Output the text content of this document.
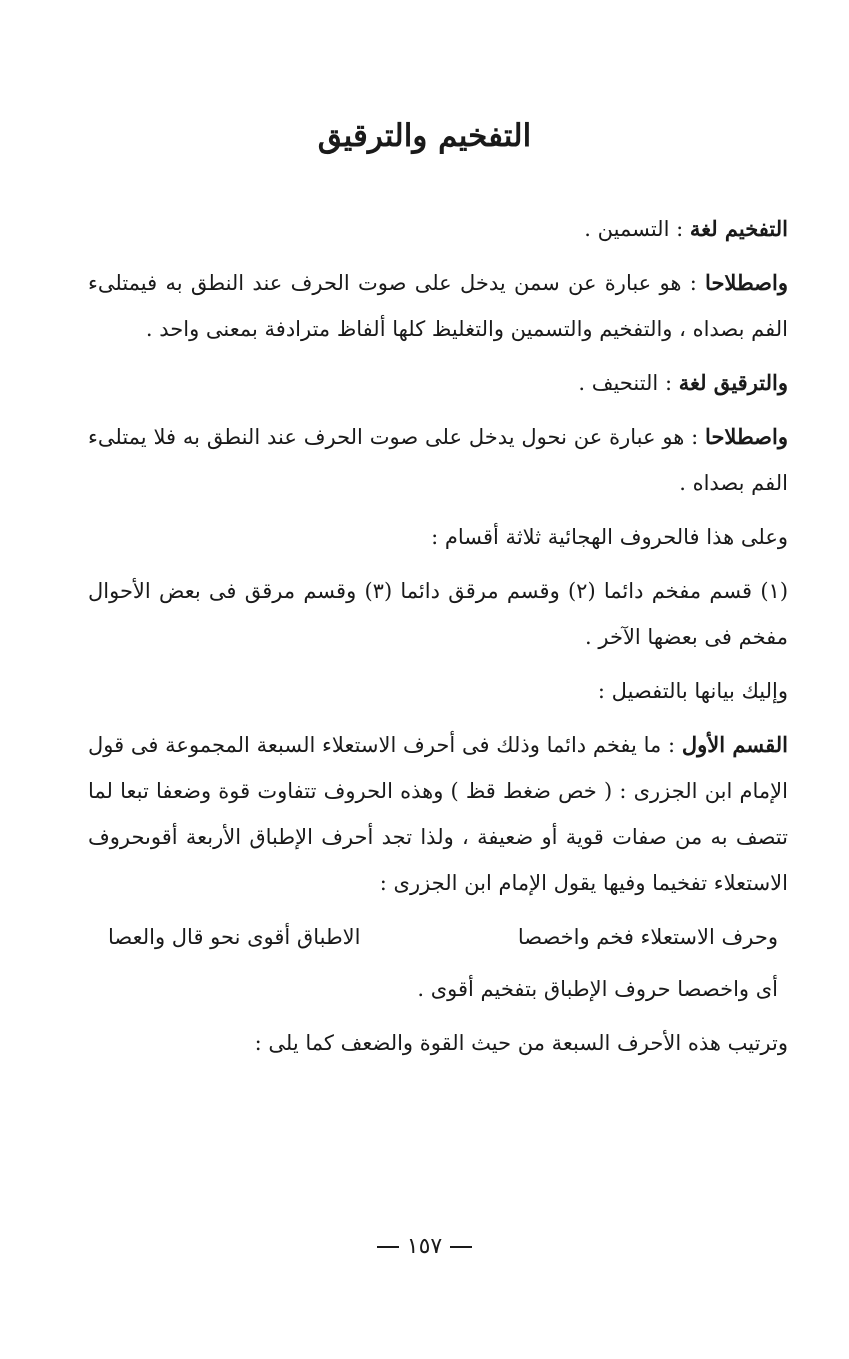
التفخيم والترقيق

التفخيم لغة : التسمين .

واصطلاحا : هو عبارة عن سمن يدخل على صوت الحرف عند النطق به فيمتلىء الفم بصداه ، والتفخيم والتسمين والتغليظ كلها ألفاظ مترادفة بمعنى واحد .

والترقيق لغة : التنحيف .

واصطلاحا : هو عبارة عن نحول يدخل على صوت الحرف عند النطق به فلا يمتلىء الفم بصداه .

وعلى هذا فالحروف الهجائية ثلاثة أقسام :

(١) قسم مفخم دائما (٢) وقسم مرقق دائما (٣) وقسم مرقق فى بعض الأحوال مفخم فى بعضها الآخر .

وإليك بيانها بالتفصيل :

القسم الأول : ما يفخم دائما وذلك فى أحرف الاستعلاء السبعة المجموعة فى قول الإمام ابن الجزرى : ( خص ضغط قظ ) وهذه الحروف تتفاوت قوة وضعفا تبعا لما تتصف به من صفات قوية أو ضعيفة ، ولذا تجد أحرف الإطباق الأربعة أقوىحروف الاستعلاء تفخيما وفيها يقول الإمام ابن الجزرى :

وحرف الاستعلاء فخم واخصصا
الاطباق أقوى نحو قال والعصا

أى واخصصا حروف الإطباق بتفخيم أقوى .

وترتيب هذه الأحرف السبعة من حيث القوة والضعف كما يلى :

١٥٧
